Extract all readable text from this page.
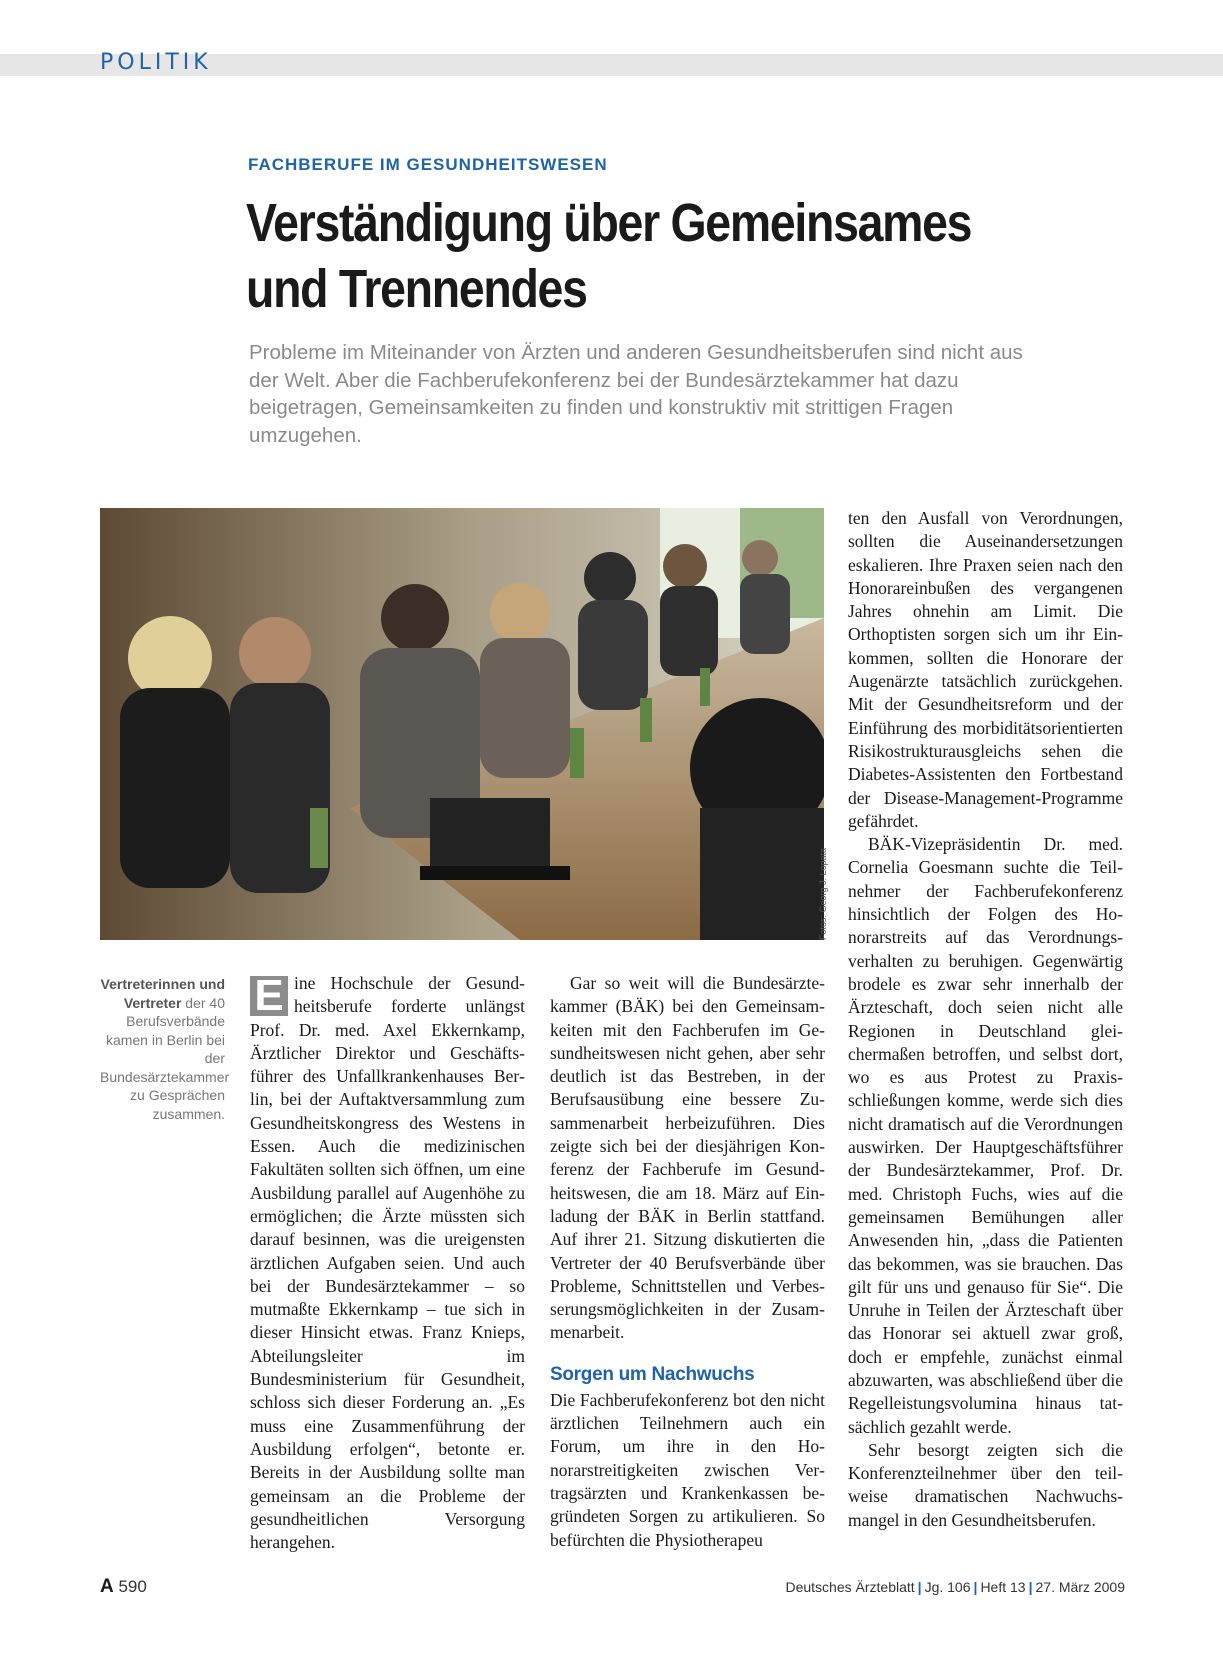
POLITIK
FACHBERUFE IM GESUNDHEITSWESEN
Verständigung über Gemeinsames
und Trennendes

Probleme im Miteinander von Ärzten und anderen Gesundheitsberufen sind nicht aus der Welt. Aber die Fachberufekonferenz bei der Bundesärztekammer hat dazu beigetragen, Gemeinsamkeiten zu finden und konstruktiv mit strittigen Fragen umzugehen.

Fotos: Georg J. Lopata
Vertreterinnen und Vertreter der 40 Berufsverbände kamen in Berlin bei der Bundesärztekammer zu Gesprächen zusammen.
E ine Hochschule der Gesundheitsberufe forderte unlängst Prof. Dr. med. Axel Ekkernkamp, Ärztlicher Direktor und Geschäftsführer des Unfallkrankenhauses Berlin, bei der Auftaktversammlung zum Gesundheitskongress des Westens in Essen. Auch die medizinischen Fakultäten sollten sich öffnen, um eine Ausbildung parallel auf Augenhöhe zu ermöglichen; die Ärzte müssten sich darauf besinnen, was die ureigensten ärztlichen Aufgaben seien. Und auch bei der Bundesärztekammer – so mutmaßte Ekkernkamp – tue sich in dieser Hinsicht etwas. Franz Knieps, Abteilungsleiter im Bundesministerium für Gesundheit, schloss sich dieser Forderung an. „Es muss eine Zusammenführung der Ausbildung erfolgen“, betonte er. Bereits in der Ausbildung sollte man gemeinsam an die Probleme der gesundheitlichen Versorgung herangehen.

Gar so weit will die Bundesärztekammer (BÄK) bei den Gemeinsamkeiten mit den Fachberufen im Gesundheitswesen nicht gehen, aber sehr deutlich ist das Bestreben, in der Berufsausübung eine bessere Zusammenarbeit herbeizuführen. Dies zeigte sich bei der diesjährigen Konferenz der Fachberufe im Gesundheitswesen, die am 18. März auf Einladung der BÄK in Berlin stattfand. Auf ihrer 21. Sitzung diskutierten die Vertreter der 40 Berufsverbände über Probleme, Schnittstellen und Verbesserungsmöglichkeiten in der Zusammenarbeit.

Sorgen um Nachwuchs

Die Fachberufekonferenz bot den nicht ärztlichen Teilnehmern auch ein Forum, um ihre in den Honorarstreitigkeiten zwischen Vertragsärzten und Krankenkassen begründeten Sorgen zu artikulieren. So befürchten die Physiotherapeu

ten den Ausfall von Verordnungen, sollten die Auseinandersetzungen eskalieren. Ihre Praxen seien nach den Honorareinbußen des vergangenen Jahres ohnehin am Limit. Die Orthoptisten sorgen sich um ihr Einkommen, sollten die Honorare der Augenärzte tatsächlich zurückgehen. Mit der Gesundheitsreform und der Einführung des morbiditätsorientierten Risikostrukturausgleichs sehen die Diabetes-Assistenten den Fortbestand der Disease-Management-Programme gefährdet.

BÄK-Vizepräsidentin Dr. med. Cornelia Goesmann suchte die Teilnehmer der Fachberufekonferenz hinsichtlich der Folgen des Honorarstreits auf das Verordnungsverhalten zu beruhigen. Gegenwärtig brodele es zwar sehr innerhalb der Ärzteschaft, doch seien nicht alle Regionen in Deutschland gleichermaßen betroffen, und selbst dort, wo es aus Protest zu Praxisschließungen komme, werde sich dies nicht dramatisch auf die Verordnungen auswirken. Der Hauptgeschäftsführer der Bundesärztekammer, Prof. Dr. med. Christoph Fuchs, wies auf die gemeinsamen Bemühungen aller Anwesenden hin, „dass die Patienten das bekommen, was sie brauchen. Das gilt für uns und genauso für Sie“. Die Unruhe in Teilen der Ärzteschaft über das Honorar sei aktuell zwar groß, doch er empfehle, zunächst einmal abzuwarten, was abschließend über die Regelleistungsvolumina hinaus tatsächlich gezahlt werde.

Sehr besorgt zeigten sich die Konferenzteilnehmer über den teilweise dramatischen Nachwuchsmangel in den Gesundheitsberufen.

A 590	Deutsches Ärzteblatt | Jg. 106 | Heft 13 | 27. März 2009
